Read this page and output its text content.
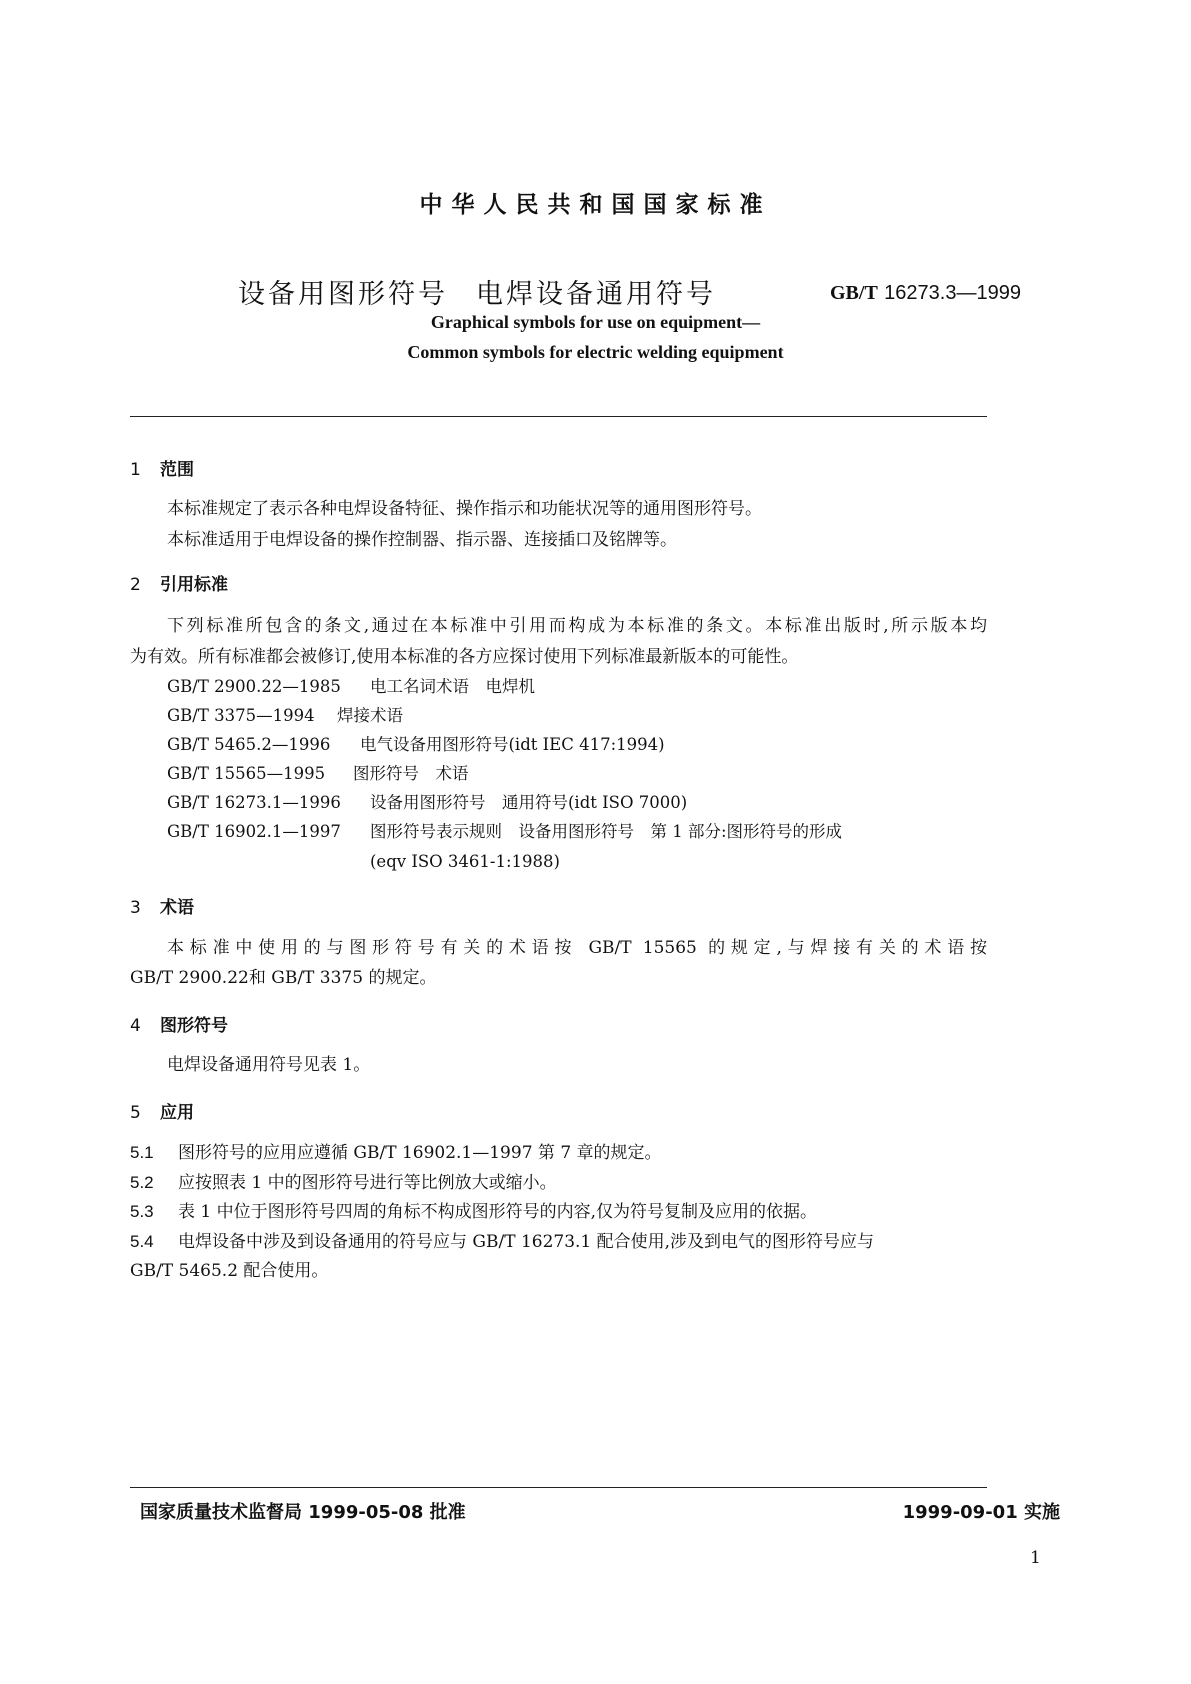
中华人民共和国国家标准
设备用图形符号 电焊设备通用符号	GB/T 16273.3—1999
Graphical symbols for use on equipment—
Common symbols for electric welding equipment
1 范围
本标准规定了表示各种电焊设备特征、操作指示和功能状况等的通用图形符号。
本标准适用于电焊设备的操作控制器、指示器、连接插口及铭牌等。
2 引用标准
下列标准所包含的条文,通过在本标准中引用而构成为本标准的条文。本标准出版时,所示版本均
为有效。所有标准都会被修订,使用本标准的各方应探讨使用下列标准最新版本的可能性。
GB/T 2900.22—1985 电工名词术语　电焊机
GB/T 3375—1994 焊接术语
GB/T 5465.2—1996 电气设备用图形符号(idt IEC 417:1994)
GB/T 15565—1995 图形符号　术语
GB/T 16273.1—1996 设备用图形符号　通用符号(idt ISO 7000)
GB/T 16902.1—1997 图形符号表示规则　设备用图形符号　第 1 部分:图形符号的形成
(eqv ISO 3461-1:1988)
3 术语
本标准中使用的与图形符号有关的术语按 GB/T 15565 的规定,与焊接有关的术语按
GB/T 2900.22和 GB/T 3375 的规定。
4 图形符号
电焊设备通用符号见表 1。
5 应用
5.1 图形符号的应用应遵循 GB/T 16902.1—1997 第 7 章的规定。
5.2 应按照表 1 中的图形符号进行等比例放大或缩小。
5.3 表 1 中位于图形符号四周的角标不构成图形符号的内容,仅为符号复制及应用的依据。
5.4 电焊设备中涉及到设备通用的符号应与 GB/T 16273.1 配合使用,涉及到电气的图形符号应与
GB/T 5465.2 配合使用。
国家质量技术监督局 1999-05-08 批准	1999-09-01 实施
1
